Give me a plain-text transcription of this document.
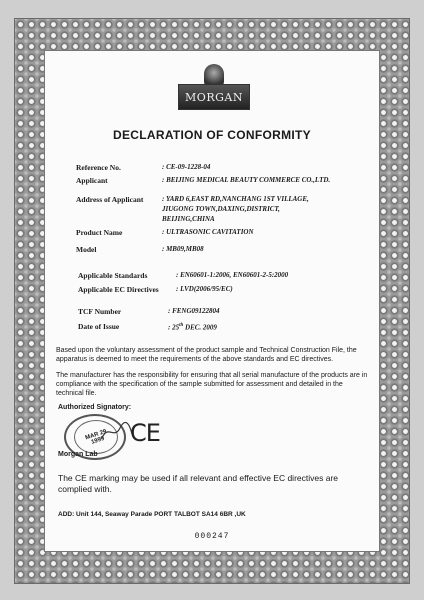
MORGAN
DECLARATION OF CONFORMITY
Reference No.	: CE-09-1228-04
Applicant	: BEIJING MEDICAL BEAUTY COMMERCE CO.,LTD.
Address of Applicant	: YARD 6,EAST RD,NANCHANG 1ST VILLAGE,
JIUGONG TOWN,DAXING,DISTRICT,
BEIJING,CHINA
Product Name	: ULTRASONIC CAVITATION
Model	: MB09,MB08
Applicable Standards	: EN60601-1:2006, EN60601-2-5:2000
Applicable EC Directives : LVD(2006/95/EC)
TCF Number	: FENG09122804
Date of Issue	: 25th DEC. 2009
Based upon the voluntary assessment of the product sample and Technical Construction File, the apparatus is deemed to meet the requirements of the above standards and EC directives.
The manufacturer has the responsibility for ensuring that all serial manufacture of the products are in compliance with the specification of the sample submitted for assessment and detailed in the technical file.
Authorized Signatory:
MAR 29 1999
Morgan Lab
CE
The CE marking may be used if all relevant and effective EC directives are complied with.
ADD: Unit 144, Seaway Parade PORT TALBOT SA14 6BR ,UK
000247
